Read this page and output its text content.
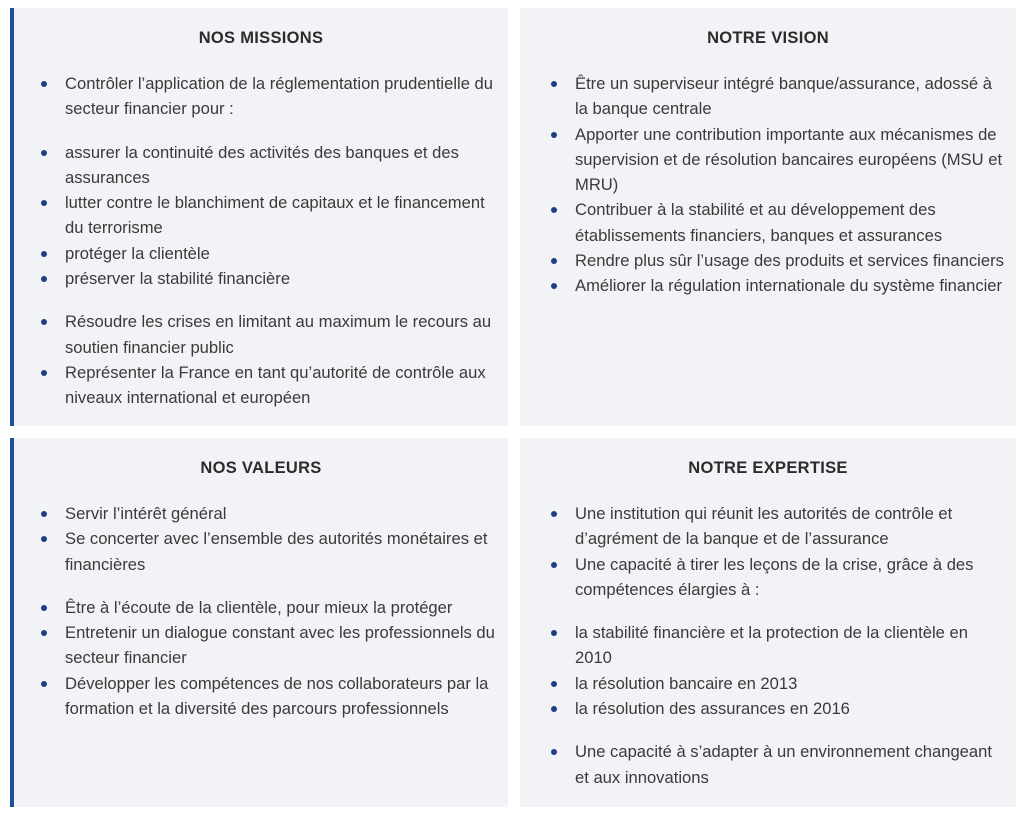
NOS MISSIONS
Contrôler l’application de la réglementation prudentielle du secteur financier pour :
assurer la continuité des activités des banques et des assurances
lutter contre le blanchiment de capitaux et le financement du terrorisme
protéger la clientèle
préserver la stabilité financière
Résoudre les crises en limitant au maximum le recours au soutien financier public
Représenter la France en tant qu’autorité de contrôle aux niveaux international et européen
NOTRE VISION
Être un superviseur intégré banque/assurance, adossé à la banque centrale
Apporter une contribution importante aux mécanismes de supervision et de résolution bancaires européens (MSU et MRU)
Contribuer à la stabilité et au développement des établissements financiers, banques et assurances
Rendre plus sûr l’usage des produits et services financiers
Améliorer la régulation internationale du système financier
NOS VALEURS
Servir l’intérêt général
Se concerter avec l’ensemble des autorités monétaires et financières
Être à l’écoute de la clientèle, pour mieux la protéger
Entretenir un dialogue constant avec les professionnels du secteur financier
Développer les compétences de nos collaborateurs par la formation et la diversité des parcours professionnels
NOTRE EXPERTISE
Une institution qui réunit les autorités de contrôle et d’agrément de la banque et de l’assurance
Une capacité à tirer les leçons de la crise, grâce à des compétences élargies à :
la stabilité financière et la protection de la clientèle en 2010
la résolution bancaire en 2013
la résolution des assurances en 2016
Une capacité à s’adapter à un environnement changeant et aux innovations
